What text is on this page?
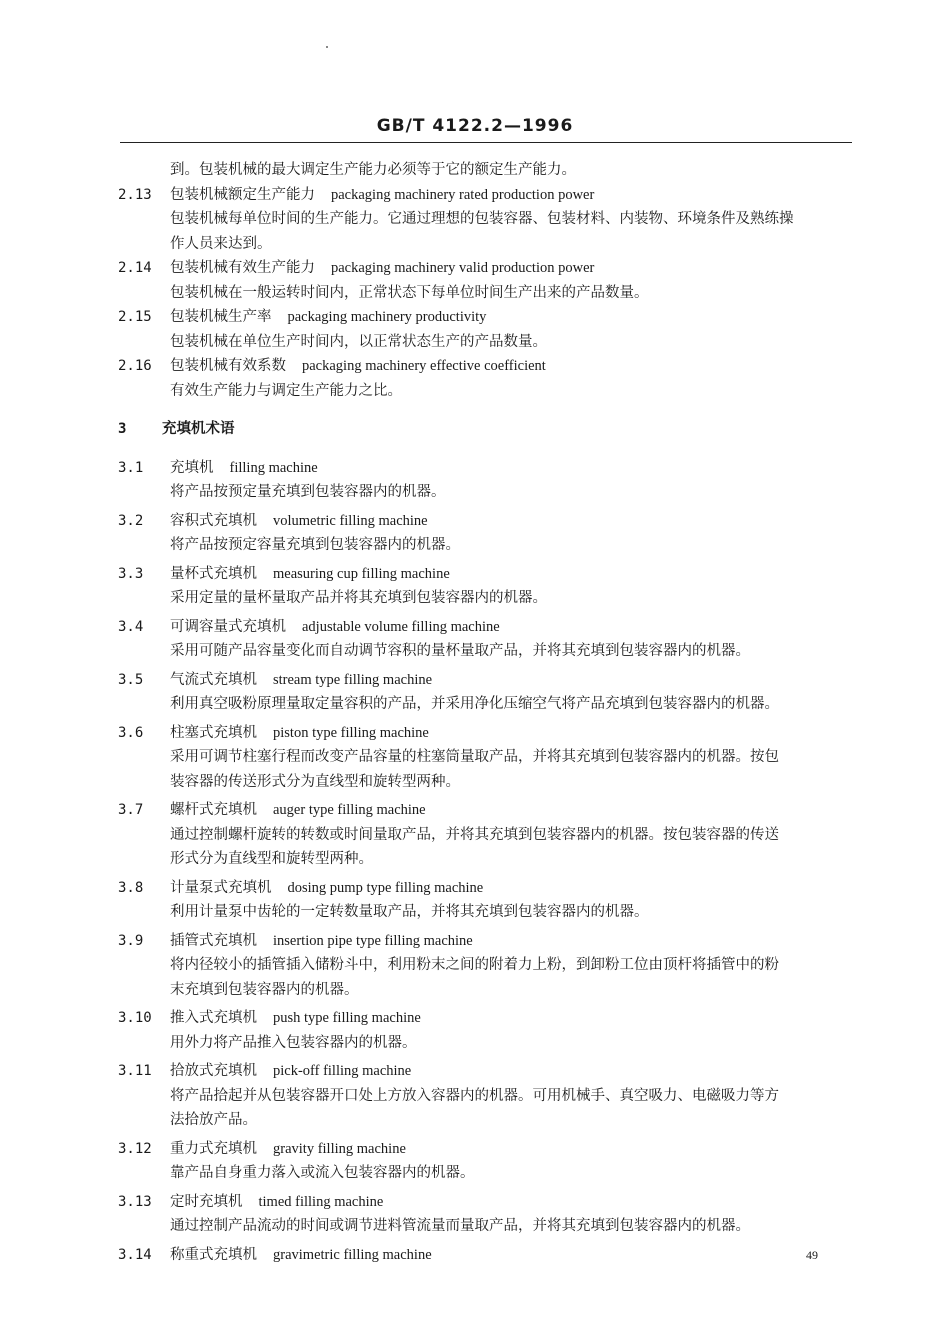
GB/T 4122.2—1996
到。包装机械的最大调定生产能力必须等于它的额定生产能力。
2.13	包装机械额定生产能力 packaging machinery rated production power
包装机械每单位时间的生产能力。它通过理想的包装容器、包装材料、内装物、环境条件及熟练操
作人员来达到。
2.14	包装机械有效生产能力 packaging machinery valid production power
包装机械在一般运转时间内，正常状态下每单位时间生产出来的产品数量。
2.15	包装机械生产率 packaging machinery productivity
包装机械在单位生产时间内，以正常状态生产的产品数量。
2.16	包装机械有效系数 packaging machinery effective coefficient
有效生产能力与调定生产能力之比。
3	充填机术语
3.1	充填机 filling machine
将产品按预定量充填到包装容器内的机器。
3.2	容积式充填机 volumetric filling machine
将产品按预定容量充填到包装容器内的机器。
3.3	量杯式充填机 measuring cup filling machine
采用定量的量杯量取产品并将其充填到包装容器内的机器。
3.4	可调容量式充填机 adjustable volume filling machine
采用可随产品容量变化而自动调节容积的量杯量取产品，并将其充填到包装容器内的机器。
3.5	气流式充填机 stream type filling machine
利用真空吸粉原理量取定量容积的产品，并采用净化压缩空气将产品充填到包装容器内的机器。
3.6	柱塞式充填机 piston type filling machine
采用可调节柱塞行程而改变产品容量的柱塞筒量取产品，并将其充填到包装容器内的机器。按包
装容器的传送形式分为直线型和旋转型两种。
3.7	螺杆式充填机 auger type filling machine
通过控制螺杆旋转的转数或时间量取产品，并将其充填到包装容器内的机器。按包装容器的传送
形式分为直线型和旋转型两种。
3.8	计量泵式充填机 dosing pump type filling machine
利用计量泵中齿轮的一定转数量取产品，并将其充填到包装容器内的机器。
3.9	插管式充填机 insertion pipe type filling machine
将内径较小的插管插入储粉斗中，利用粉末之间的附着力上粉，到卸粉工位由顶杆将插管中的粉
末充填到包装容器内的机器。
3.10	推入式充填机 push type filling machine
用外力将产品推入包装容器内的机器。
3.11	拾放式充填机 pick-off filling machine
将产品拾起并从包装容器开口处上方放入容器内的机器。可用机械手、真空吸力、电磁吸力等方
法拾放产品。
3.12	重力式充填机 gravity filling machine
靠产品自身重力落入或流入包装容器内的机器。
3.13	定时充填机 timed filling machine
通过控制产品流动的时间或调节进料管流量而量取产品，并将其充填到包装容器内的机器。
3.14	称重式充填机 gravimetric filling machine	49
